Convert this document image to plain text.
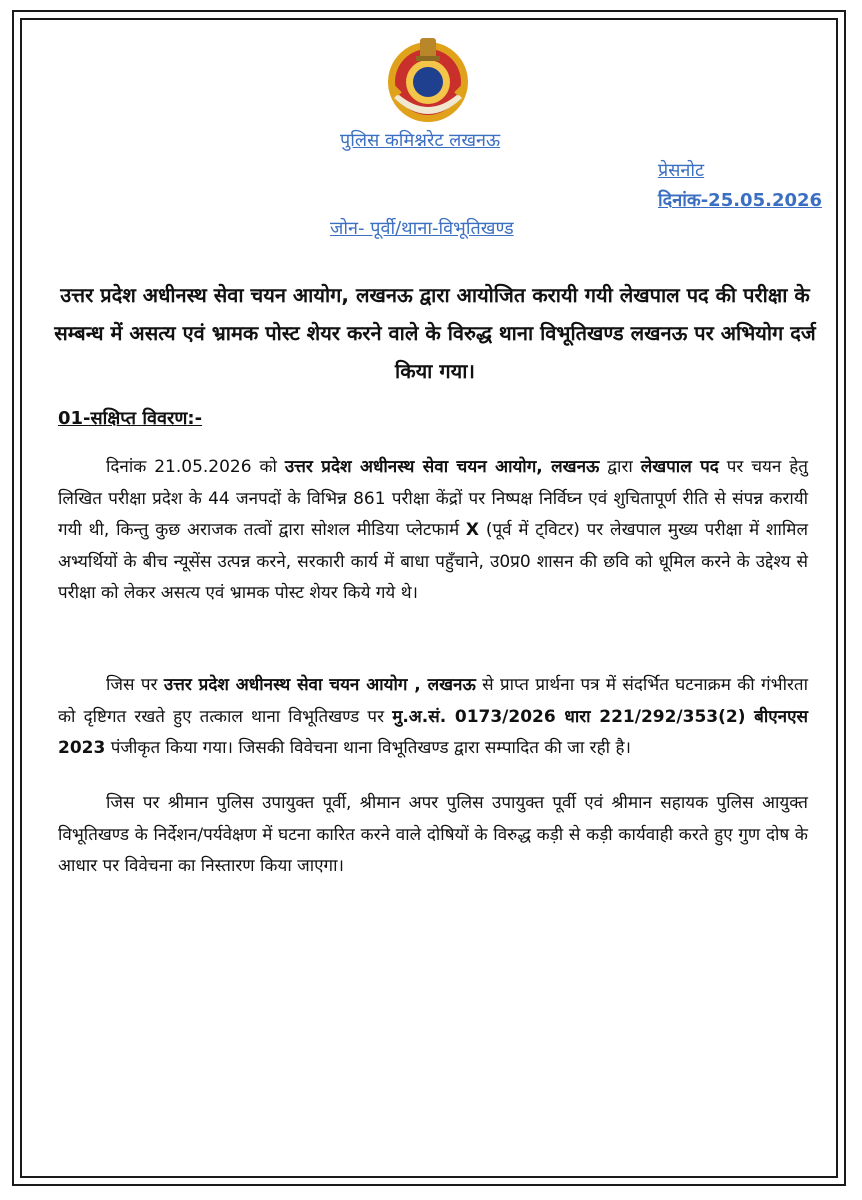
पुलिस कमिश्नरेट लखनऊ
प्रेसनोट
दिनांक-25.05.2026
जोन- पूर्वी/थाना-विभूतिखण्ड
उत्तर प्रदेश अधीनस्थ सेवा चयन आयोग, लखनऊ द्वारा आयोजित करायी गयी लेखपाल पद की परीक्षा के सम्बन्ध में असत्य एवं भ्रामक पोस्ट शेयर करने वाले के विरुद्ध थाना विभूतिखण्ड लखनऊ पर अभियोग दर्ज किया गया।
01-सक्षिप्त विवरण:-
दिनांक 21.05.2026 को उत्तर प्रदेश अधीनस्थ सेवा चयन आयोग, लखनऊ द्वारा लेखपाल पद पर चयन हेतु लिखित परीक्षा प्रदेश के 44 जनपदों के विभिन्न 861 परीक्षा केंद्रों पर निष्पक्ष निर्विघ्न एवं शुचितापूर्ण रीति से संपन्न करायी गयी थी, किन्तु कुछ अराजक तत्वों द्वारा सोशल मीडिया प्लेटफार्म X (पूर्व में ट्विटर) पर लेखपाल मुख्य परीक्षा में शामिल अभ्यर्थियों के बीच न्यूसेंस उत्पन्न करने, सरकारी कार्य में बाधा पहुँचाने, उ0प्र0 शासन की छवि को धूमिल करने के उद्देश्य से परीक्षा को लेकर असत्य एवं भ्रामक पोस्ट शेयर किये गये थे।
जिस पर उत्तर प्रदेश अधीनस्थ सेवा चयन आयोग , लखनऊ से प्राप्त प्रार्थना पत्र में संदर्भित घटनाक्रम की गंभीरता को दृष्टिगत रखते हुए तत्काल थाना विभूतिखण्ड पर मु.अ.सं. 0173/2026 धारा 221/292/353(2) बीएनएस 2023 पंजीकृत किया गया। जिसकी विवेचना थाना विभूतिखण्ड द्वारा सम्पादित की जा रही है।
जिस पर श्रीमान पुलिस उपायुक्त पूर्वी, श्रीमान अपर पुलिस उपायुक्त पूर्वी एवं श्रीमान सहायक पुलिस आयुक्त विभूतिखण्ड के निर्देशन/पर्यवेक्षण में घटना कारित करने वाले दोषियों के विरुद्ध कड़ी से कड़ी कार्यवाही करते हुए गुण दोष के आधार पर विवेचना का निस्तारण किया जाएगा।
